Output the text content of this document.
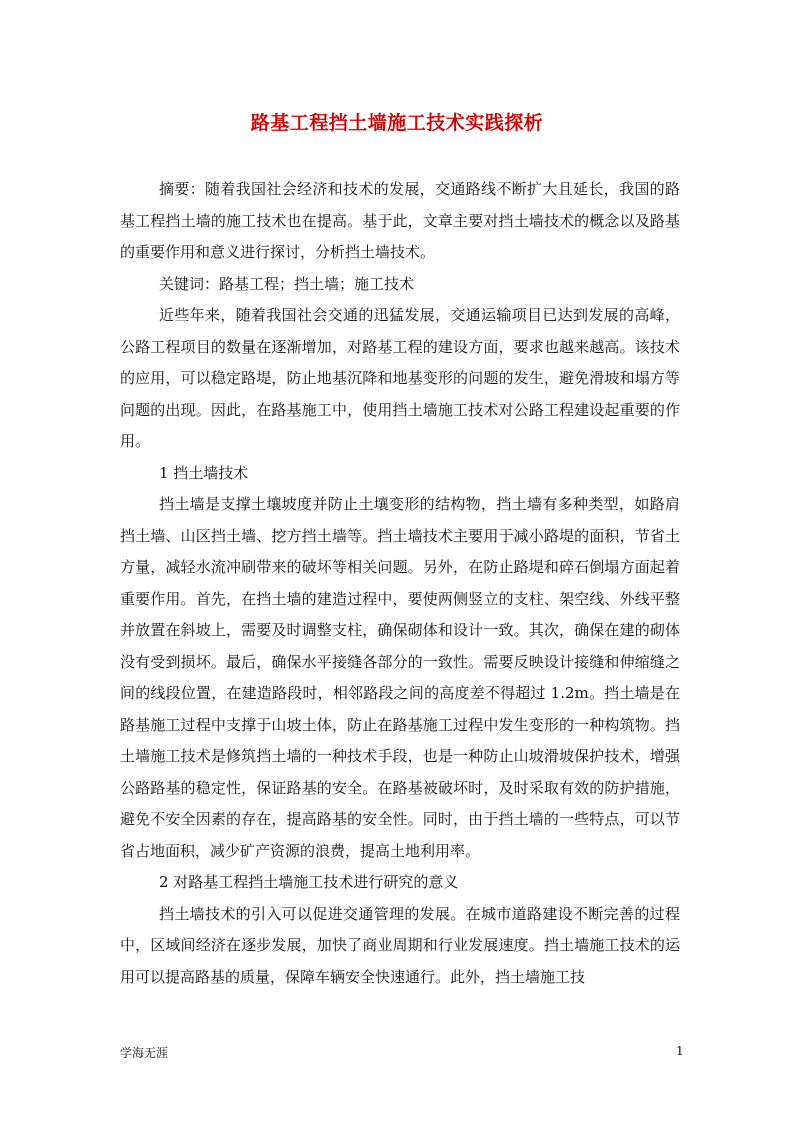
路基工程挡土墙施工技术实践探析

摘要：随着我国社会经济和技术的发展，交通路线不断扩大且延长，我国的路基工程挡土墙的施工技术也在提高。基于此，文章主要对挡土墙技术的概念以及路基的重要作用和意义进行探讨，分析挡土墙技术。

关键词：路基工程；挡土墙；施工技术

近些年来，随着我国社会交通的迅猛发展，交通运输项目已达到发展的高峰，公路工程项目的数量在逐渐增加，对路基工程的建设方面，要求也越来越高。该技术的应用，可以稳定路堤，防止地基沉降和地基变形的问题的发生，避免滑坡和塌方等问题的出现。因此，在路基施工中，使用挡土墙施工技术对公路工程建设起重要的作用。

1 挡土墙技术

挡土墙是支撑土壤坡度并防止土壤变形的结构物，挡土墙有多种类型，如路肩挡土墙、山区挡土墙、挖方挡土墙等。挡土墙技术主要用于减小路堤的面积，节省土方量，减轻水流冲刷带来的破坏等相关问题。另外，在防止路堤和碎石倒塌方面起着重要作用。首先，在挡土墙的建造过程中，要使两侧竖立的支柱、架空线、外线平整并放置在斜坡上，需要及时调整支柱，确保砌体和设计一致。其次，确保在建的砌体没有受到损坏。最后，确保水平接缝各部分的一致性。需要反映设计接缝和伸缩缝之间的线段位置，在建造路段时，相邻路段之间的高度差不得超过 1.2m。挡土墙是在路基施工过程中支撑于山坡土体，防止在路基施工过程中发生变形的一种构筑物。挡土墙施工技术是修筑挡土墙的一种技术手段，也是一种防止山坡滑坡保护技术，增强公路路基的稳定性，保证路基的安全。在路基被破坏时，及时采取有效的防护措施，避免不安全因素的存在，提高路基的安全性。同时，由于挡土墙的一些特点，可以节省占地面积，减少矿产资源的浪费，提高土地利用率。

2 对路基工程挡土墙施工技术进行研究的意义

挡土墙技术的引入可以促进交通管理的发展。在城市道路建设不断完善的过程中，区域间经济在逐步发展，加快了商业周期和行业发展速度。挡土墙施工技术的运用可以提高路基的质量，保障车辆安全快速通行。此外，挡土墙施工技

学海无涯	1
